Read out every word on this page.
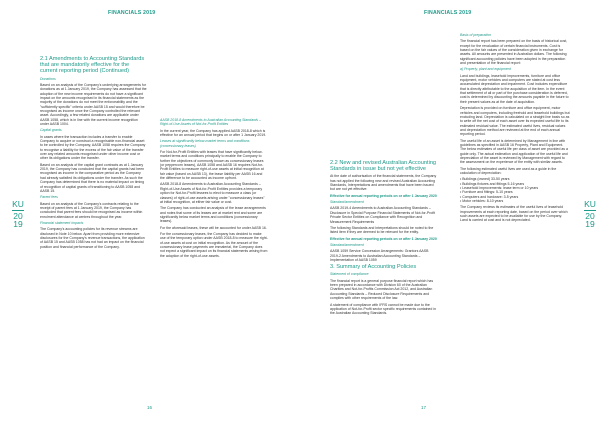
FINANCIALS 2019
KU
20
19

2.1 Amendments to Accounting Standards that are mandatorily effective for the current reporting period (Continued)

Donations

Based on an analysis of the Company's underlying arrangements for donations as at 1 January 2019, the Company has assessed that the adoption of the new income requirements do not have a significant impact on the amounts recognised in its financial statements as the majority of the donations do not meet the enforceability and the "sufficiently specific" criteria under AASB 15 and would therefore be recognised as income once the Company controlled the relevant asset. Accordingly, a few related donations are applicable under AASB 1058, which is in line with the current income recognition under AASB 1004.

Capital grants

In cases where the transaction includes a transfer to enable Company to acquire or construct a recognisable non-financial asset to be controlled by the Company, AASB 1058 requires the Company to recognise a liability for the excess of the fair value of the transfer over any related amounts recognised under other income cost or other its obligations under the transfer.

Based on an analysis of the capital grant contracts as at 1 January 2019, the Company has concluded that the capital grants had been recognised as income in the comparative period as the Company had already satisfied its obligations under the transfer. As such the Company has determined that there is no material impact on timing of recognition of capital grants of transitioning to AASB 1058 and AASB 15.

Parent fees

Based on an analysis of the Company's contracts relating to the receipt of parent fees at 1 January 2019, the Company has concluded that parent fees should be recognised as income within enrolment attendance at centres throughout the year.

Financial statement impacts

The Company's accounting policies for its revenue streams are disclosed in Note 10 below. Apart from providing more extensive disclosures for the Company's revenue transactions, the application of AASB 15 and AASB 1058 has not had an impact on the financial position and financial performance of the Company.

AASB 2018-8 Amendments to Australian Accounting Standards – Right-of-Use Assets of Not-for-Profit Entities

In the current year, the Company has applied AASB 2018-8 which is effective for an annual period that begins on or after 1 January 2019.

Leases at significantly below-market terms and conditions (concessionary leases)

For Not-for-Profit Entities with leases that have significantly below-market terms and conditions principally to enable the Company to further the objectives of commonly known as concessionary leases (or peppercorn leases), AASB 1058 and AASB 16 requires Not-for-Profit Entities to measure right-of-use assets at initial recognition at fair value (based on AASB 13), the lease liability per AASB 16 and the difference to be accounted as income upfront.

AASB 2018-8 Amendments to Australian Accounting Standards – Right-of-Use Assets of Not-for-Profit Entities provides a temporary option for Not-for-Profit lessees to elect to measure a class (or classes) of right-of-use assets arising under "concessionary leases" at initial recognition, at either fair value or cost.

The Company has conducted an analysis of the lease arrangements and notes that some of its leases are at market rent and some are significantly below market terms and conditions (concessionary leases).

For the aforesaid leases, these will be accounted for under AASB 16.

For the concessionary leases, the Company has decided to make use of the temporary option under AASB 2018-8 to measure the right-of-use assets at cost on initial recognition. As the amount of the concessionary lease payments are immaterial, the Company does not expect a significant impact on its financial statements arising from the adoption of the right-of-use assets.

16
FINANCIALS 2019
KU
20
19

2.2 New and revised Australian Accounting Standards in issue but not yet effective

At the date of authorisation of the financial statements, the Company has not applied the following new and revised Australian Accounting Standards, Interpretations and amendments that have been issued but are not yet effective:

Effective for annual reporting periods on or after 1 January 2020

Standard/amendment

AASB 2019-4 Amendments to Australian Accounting Standards – Disclosure in Special Purpose Financial Statements of Not-for-Profit Private Sector Entities on Compliance with Recognition and Measurement Requirements

The following Standards and Interpretations should be noted to the listed item if they are deemed to be relevant for the entity.

Effective for annual reporting periods on or after 1 January 2020

Standard/amendment

AASB 1059 Service Concession Arrangements: Grantors AASB 2019-2 Amendments to Australian Accounting Standards – Implementation of AASB 1059

3. Summary of Accounting Policies

Statement of compliance

The financial report is a general purpose financial report which has been prepared in accordance with Division 60 of the Australian Charities and Not-for-Profits Commission Act 2012, and Australian Accounting Standards – Reduced Disclosure Requirements and complies with other requirements of the law.

A statement of compliance with IFRS cannot be made due to the application of Not-for-Profit sector specific requirements contained in the Australian Accounting Standards.

Basis of preparation

The financial report has been prepared on the basis of historical cost, except for the revaluation of certain financial instruments. Cost is based on the fair values of the consideration given in exchange for assets. All amounts are presented in Australian dollars. The following significant accounting policies have been adopted in the preparation and presentation of the financial report:

a) Property, plant and equipment

Land and buildings, leasehold improvements, furniture and office equipment, motor vehicles and computers are stated at cost less accumulated depreciation and impairment. Cost includes expenditure that is directly attributable to the acquisition of the item. In the event that settlement of all or part of the purchase consideration is deferred, cost is determined by discounting the amounts payable in the future to their present values as at the date of acquisition.

Depreciation is provided on furniture and office equipment, motor vehicles and computers, including freehold and leasehold buildings but excluding land. Depreciation is calculated on a straight line basis so as to write off the net cost of each asset over its expected useful life to its estimated residual value. The estimated useful lives, residual values and depreciation method are reviewed at the end of each annual reporting period.

The useful life of an asset is determined by Management in line with guidelines as specified in AASB 16 Property, Plant and Equipment. The below estimates of useful life per class of asset are provided as a guide only. The actual estimation and application of the useful life and depreciation of the asset is reviewed by Management with regard to the assessment on the experience of the entity with similar assets.

The following estimated useful lives are used as a guide in the calculation of depreciation:

• Buildings (owned) 33-50 years

• Buildings fixtures and fittings 5-16 years

• Leasehold improvements: lease term or 10 years

• Furniture and fittings: 5-10 years

• Computers and hardware: 3-5 years

• Motor vehicles: 8-10 years

The Company reviews its estimates of the useful lives of leasehold improvements at each reporting date, based on the period over which such assets are expected to be available for use by the Company. Land is carried at cost and is not depreciated.

17
